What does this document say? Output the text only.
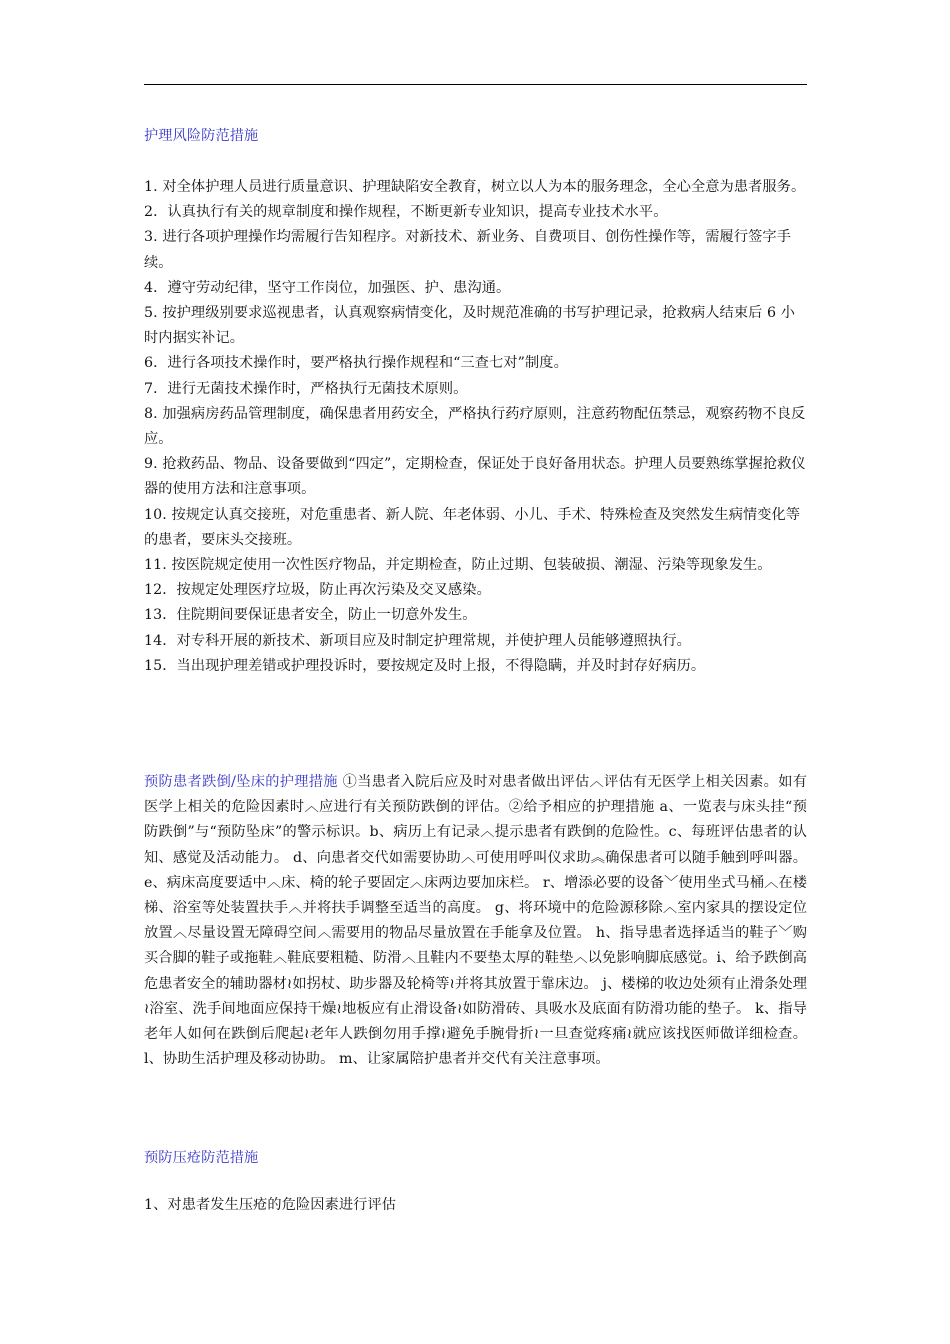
护理风险防范措施

1. 对全体护理人员进行质量意识、护理缺陷安全教育，树立以人为本的服务理念，全心全意为患者服务。

2．认真执行有关的规章制度和操作规程，不断更新专业知识，提高专业技术水平。

3. 进行各项护理操作均需履行告知程序。对新技术、新业务、自费项目、创伤性操作等，需履行签字手续。

4．遵守劳动纪律，坚守工作岗位，加强医、护、患沟通。

5. 按护理级别要求巡视患者，认真观察病情变化，及时规范准确的书写护理记录，抢救病人结束后 6 小时内据实补记。

6．进行各项技术操作时，要严格执行操作规程和“三查七对”制度。

7．进行无菌技术操作时，严格执行无菌技术原则。

8. 加强病房药品管理制度，确保患者用药安全，严格执行药疗原则，注意药物配伍禁忌，观察药物不良反应。

9. 抢救药品、物品、设备要做到“四定”，定期检查，保证处于良好备用状态。护理人员要熟练掌握抢救仪器的使用方法和注意事项。

10. 按规定认真交接班，对危重患者、新人院、年老体弱、小儿、手术、特殊检查及突然发生病情变化等的患者，要床头交接班。

11. 按医院规定使用一次性医疗物品，并定期检查，防止过期、包装破损、潮湿、污染等现象发生。

12．按规定处理医疗垃圾，防止再次污染及交叉感染。

13．住院期间要保证患者安全，防止一切意外发生。

14．对专科开展的新技术、新项目应及时制定护理常规，并使护理人员能够遵照执行。

15．当出现护理差错或护理投诉时，要按规定及时上报，不得隐瞒，并及时封存好病历。

预防患者跌倒/坠床的护理措施 ①当患者入院后应及时对患者做出评估︿评估有无医学上相关因素。如有医学上相关的危险因素时︿应进行有关预防跌倒的评估。②给予相应的护理措施 a、一览表与床头挂“预防跌倒”与“预防坠床”的警示标识。b、病历上有记录︿提示患者有跌倒的危险性。c、每班评估患者的认知、感觉及活动能力。 d、向患者交代如需要协助︿可使用呼叫仪求助︽确保患者可以随手触到呼叫器。 e、病床高度要适中︿床、椅的轮子要固定︿床两边要加床栏。 r、增添必要的设备﹀使用坐式马桶︿在楼梯、浴室等处装置扶手︿并将扶手调整至适当的高度。 g、将环境中的危险源移除︿室内家具的摆设定位放置︿尽量设置无障碍空间︿需要用的物品尽量放置在手能拿及位置。 h、指导患者选择适当的鞋子﹀购买合脚的鞋子或拖鞋︿鞋底要粗糙、防滑︿且鞋内不要垫太厚的鞋垫︿以免影响脚底感觉。i、给予跌倒高危患者安全的辅助器材≀如拐杖、助步器及轮椅等≀并将其放置于靠床边。 j、楼梯的收边处须有止滑条处理≀浴室、洗手间地面应保持干燥≀地板应有止滑设备≀如防滑砖、具吸水及底面有防滑功能的垫子。 k、指导老年人如何在跌倒后爬起≀老年人跌倒勿用手撑≀避免手腕骨折≀一旦查觉疼痛≀就应该找医师做详细检查。 l、协助生活护理及移动协助。 m、让家属陪护患者并交代有关注意事项。
预防压疮防范措施
1、对患者发生压疮的危险因素进行评估
